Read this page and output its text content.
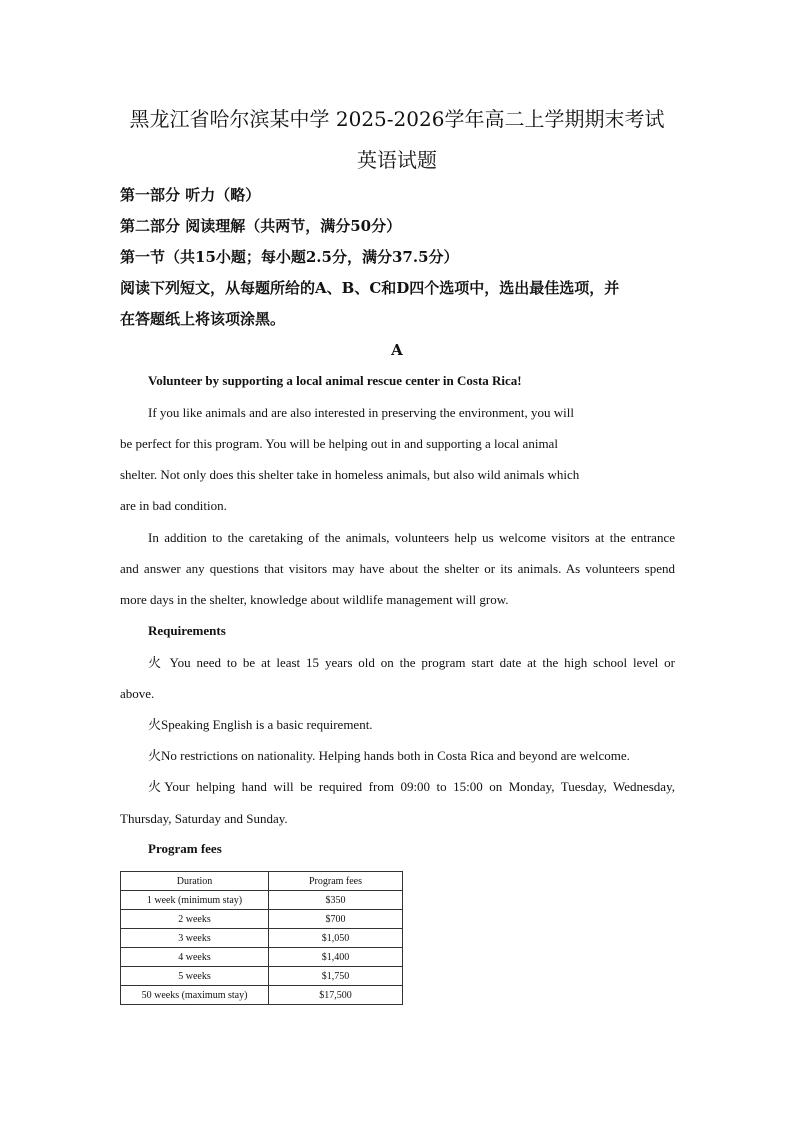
黑龙江省哈尔滨某中学 2025-2026学年高二上学期期末考试
英语试题
第一部分 听力（略）
第二部分 阅读理解（共两节，满分50分）
第一节（共15小题；每小题2.5分，满分37.5分）
阅读下列短文，从每题所给的A、B、C和D四个选项中，选出最佳选项，并
在答题纸上将该项涂黑。
A
Volunteer by supporting a local animal rescue center in Costa Rica!
If you like animals and are also interested in preserving the environment, you will
be perfect for this program. You will be helping out in and supporting a local animal
shelter. Not only does this shelter take in homeless animals, but also wild animals which
are in bad condition.
In addition to the caretaking of the animals, volunteers help us welcome visitors at the entrance
and answer any questions that visitors may have about the shelter or its animals. As volunteers spend
more days in the shelter, knowledge about wildlife management will grow.
Requirements
火 You need to be at least 15 years old on the program start date at the high school level or
above.
火Speaking English is a basic requirement.
火No restrictions on nationality. Helping hands both in Costa Rica and beyond are welcome.
火Your helping hand will be required from 09:00 to 15:00 on Monday, Tuesday, Wednesday,
Thursday, Saturday and Sunday.
Program fees
Duration	Program fees
1 week (minimum stay)	$350
2 weeks	$700
3 weeks	$1,050
4 weeks	$1,400
5 weeks	$1,750
50 weeks (maximum stay)	$17,500
